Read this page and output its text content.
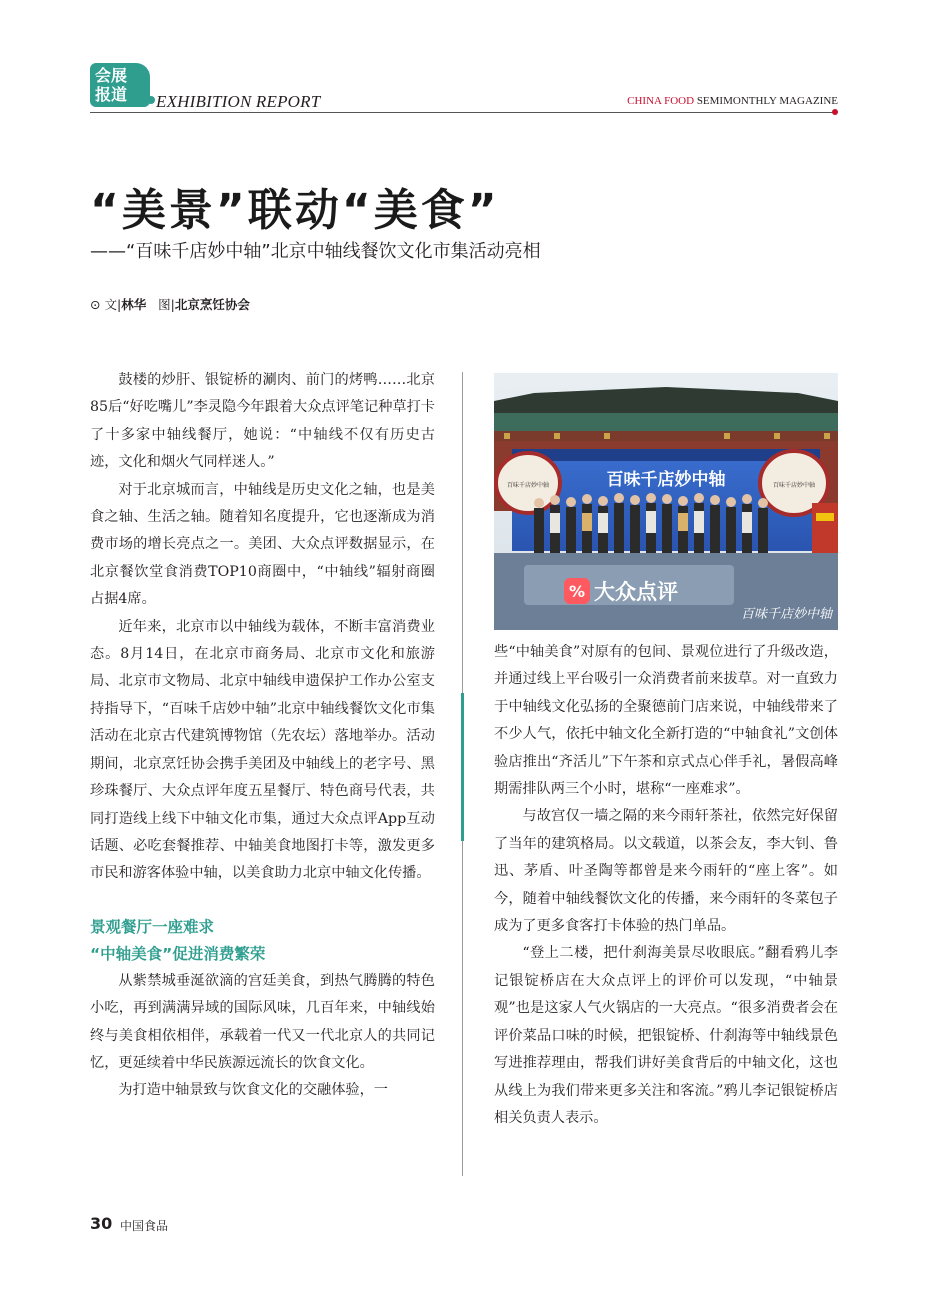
会展
报道	EXHIBITION REPORT	CHINA FOOD SEMIMONTHLY MAGAZINE
“美景”联动“美食”
——“百味千店妙中轴”北京中轴线餐饮文化市集活动亮相
⊙ 文|林华 图|北京烹饪协会

鼓楼的炒肝、银锭桥的涮肉、前门的烤鸭……北京85后“好吃嘴儿”李灵隐今年跟着大众点评笔记种草打卡了十多家中轴线餐厅，她说：“中轴线不仅有历史古迹，文化和烟火气同样迷人。”

对于北京城而言，中轴线是历史文化之轴，也是美食之轴、生活之轴。随着知名度提升，它也逐渐成为消费市场的增长亮点之一。美团、大众点评数据显示，在北京餐饮堂食消费TOP10商圈中，“中轴线”辐射商圈占据4席。

近年来，北京市以中轴线为载体，不断丰富消费业态。8月14日，在北京市商务局、北京市文化和旅游局、北京市文物局、北京中轴线申遗保护工作办公室支持指导下，“百味千店妙中轴”北京中轴线餐饮文化市集活动在北京古代建筑博物馆（先农坛）落地举办。活动期间，北京烹饪协会携手美团及中轴线上的老字号、黑珍珠餐厅、大众点评年度五星餐厅、特色商号代表，共同打造线上线下中轴文化市集，通过大众点评App互动话题、必吃套餐推荐、中轴美食地图打卡等，激发更多市民和游客体验中轴，以美食助力北京中轴文化传播。

景观餐厅一座难求

“中轴美食”促进消费繁荣

从紫禁城垂涎欲滴的宫廷美食，到热气腾腾的特色小吃，再到满满异域的国际风味，几百年来，中轴线始终与美食相依相伴，承载着一代又一代北京人的共同记忆，更延续着中华民族源远流长的饮食文化。

为打造中轴景致与饮食文化的交融体验，一

百味千店妙中轴
百味千店妙中轴	百味千店妙中轴
% 大众点评
百味千店妙中轴

些“中轴美食”对原有的包间、景观位进行了升级改造，并通过线上平台吸引一众消费者前来拔草。对一直致力于中轴线文化弘扬的全聚德前门店来说，中轴线带来了不少人气，依托中轴文化全新打造的“中轴食礼”文创体验店推出“齐活儿”下午茶和京式点心伴手礼，暑假高峰期需排队两三个小时，堪称“一座难求”。

与故宫仅一墙之隔的来今雨轩茶社，依然完好保留了当年的建筑格局。以文载道，以茶会友，李大钊、鲁迅、茅盾、叶圣陶等都曾是来今雨轩的“座上客”。如今，随着中轴线餐饮文化的传播，来今雨轩的冬菜包子成为了更多食客打卡体验的热门单品。

“登上二楼，把什刹海美景尽收眼底。”翻看鸦儿李记银锭桥店在大众点评上的评价可以发现，“中轴景观”也是这家人气火锅店的一大亮点。“很多消费者会在评价菜品口味的时候，把银锭桥、什刹海等中轴线景色写进推荐理由，帮我们讲好美食背后的中轴文化，这也从线上为我们带来更多关注和客流。”鸦儿李记银锭桥店相关负责人表示。

30 中国食品
